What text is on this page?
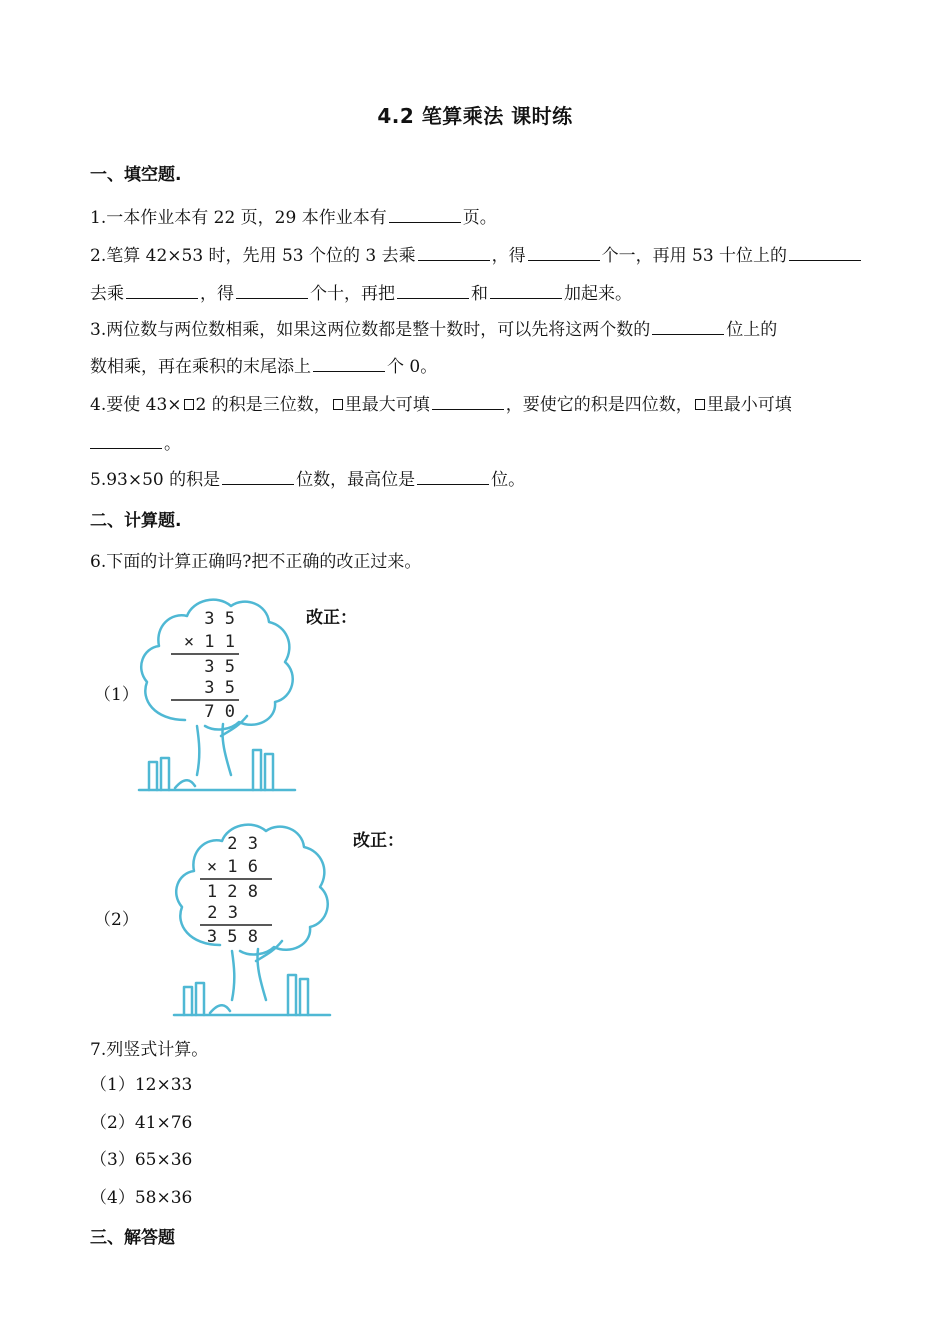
4.2 笔算乘法 课时练
一、填空题.
1.一本作业本有 22 页，29 本作业本有	页。
2.笔算 42×53 时，先用 53 个位的 3 去乘	，得	个一，再用 53 十位上的
去乘	，得	个十，再把	和	加起来。
3.两位数与两位数相乘，如果这两位数都是整十数时，可以先将这两个数的	位上的
数相乘，再在乘积的末尾添上	个 0。
4.要使 43× 2 的积是三位数， 里最大可填	，要使它的积是四位数， 里最小可填
。
5.93×50 的积是	位数，最高位是	位。
二、计算题.
6.下面的计算正确吗?把不正确的改正过来。
（1）
3 5
× 1 1
3 5
3 5
7 0
改正：
（2）
2 3
× 1 6
1 2 8
2 3
3 5 8
改正：
7.列竖式计算。
（1）12×33
（2）41×76
（3）65×36
（4）58×36
三、解答题
